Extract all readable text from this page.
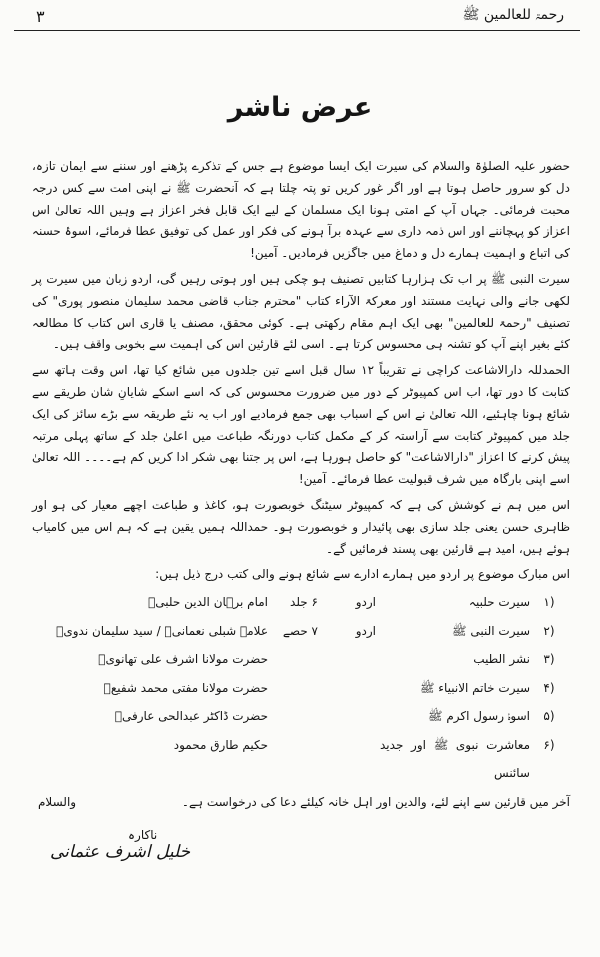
رحمۃ للعالمین ﷺ
۳
عرض ناشر

حضور علیہ الصلوٰۃ والسلام کی سیرت ایک ایسا موضوع ہے جس کے تذکرے پڑھنے اور سننے سے ایمان تازہ، دل کو سرور حاصل ہوتا ہے اور اگر غور کریں تو پتہ چلتا ہے کہ آنحضرت ﷺ نے اپنی امت سے کس درجہ محبت فرمائی۔ جہاں آپ کے امتی ہونا ایک مسلمان کے لیے ایک قابل فخر اعزاز ہے وہیں اللہ تعالیٰ اس اعزاز کو پہچاننے اور اس ذمہ داری سے عہدہ برآ ہونے کی فکر اور عمل کی توفیق عطا فرمائے، اسوۂ حسنہ کی اتباع و اہمیت ہمارے دل و دماغ میں جاگزیں فرمادیں۔ آمین!

سیرت النبی ﷺ پر اب تک ہزارہا کتابیں تصنیف ہو چکی ہیں اور ہوتی رہیں گی، اردو زبان میں سیرت پر لکھی جانے والی نہایت مستند اور معرکۃ الآراء کتاب "محترم جناب قاضی محمد سلیمان منصور پوری" کی تصنیف "رحمۃ للعالمین" بھی ایک اہم مقام رکھتی ہے۔ کوئی محقق، مصنف یا قاری اس کتاب کا مطالعہ کئے بغیر اپنے آپ کو تشنہ ہی محسوس کرتا ہے۔ اسی لئے قارئین اس کی اہمیت سے بخوبی واقف ہیں۔

الحمدللہ دارالاشاعت کراچی نے تقریباً ۱۲ سال قبل اسے تین جلدوں میں شائع کیا تھا، اس وقت ہاتھ سے کتابت کا دور تھا، اب اس کمپیوٹر کے دور میں ضرورت محسوس کی کہ اسے اسکے شایانِ شان طریقے سے شائع ہونا چاہئیے، اللہ تعالیٰ نے اس کے اسباب بھی جمع فرمادیے اور اب یہ نئے طریقہ سے بڑے سائز کی ایک جلد میں کمپیوٹر کتابت سے آراستہ کر کے مکمل کتاب دورنگہ طباعت میں اعلیٰ جلد کے ساتھ پہلی مرتبہ پیش کرنے کا اعزاز "دارالاشاعت" کو حاصل ہورہا ہے، اس پر جتنا بھی شکر ادا کریں کم ہے۔۔۔۔ اللہ تعالیٰ اسے اپنی بارگاہ میں شرف قبولیت عطا فرمائے۔ آمین!

اس میں ہم نے کوشش کی ہے کہ کمپیوٹر سیٹنگ خوبصورت ہو، کاغذ و طباعت اچھے معیار کی ہو اور ظاہری حسن یعنی جلد سازی بھی پائیدار و خوبصورت ہو۔ حمداللہ ہمیں یقین ہے کہ ہم اس میں کامیاب ہوئے ہیں، امید ہے قارئین بھی پسند فرمائیں گے۔

اس مبارک موضوع پر اردو میں ہمارے ادارے سے شائع ہونے والی کتب درج ذیل ہیں:
(۱
سیرت حلبیہ
اردو
۶ جلد
امام برہان الدین حلبیؒ
(۲
سیرت النبی ﷺ
اردو
۷ حصے
علامہ شبلی نعمانیؒ / سید سلیمان ندویؒ
(۳
نشر الطیب
حضرت مولانا اشرف علی تھانویؒ
(۴
سیرت خاتم الانبیاء ﷺ
حضرت مولانا مفتی محمد شفیعؒ
(۵
اسوۂ رسول اکرم ﷺ
حضرت ڈاکٹر عبدالحی عارفیؒ
(۶
معاشرت نبوی ﷺ اور جدید سائنس
حکیم طارق محمود
آخر میں قارئین سے اپنے لئے، والدین اور اہل خانہ کیلئے دعا کی درخواست ہے۔
والسلام
ناکارہ
خلیل اشرف عثمانی
